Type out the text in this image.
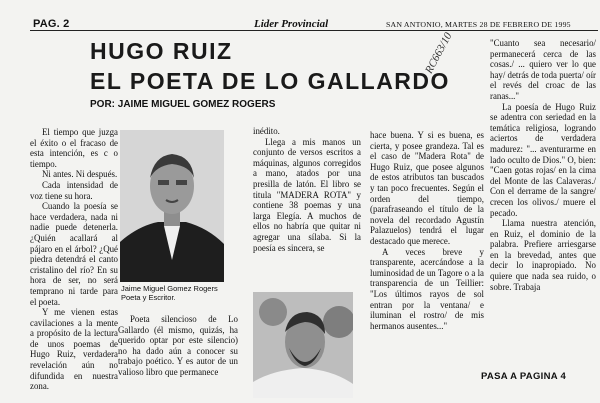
PAG. 2	Lider Provincial	SAN ANTONIO, MARTES 28 DE FEBRERO DE 1995
HUGO RUIZ
EL POETA DE LO GALLARDO
POR: JAIME MIGUEL GOMEZ ROGERS
RC663/10

El tiempo que juzga el éxito o el fracaso de esta intención, es c o tiempo.

Ni antes. Ni después.

Cada intensidad de voz tiene su hora.

Cuando la poesía se hace verdadera, nada ni nadie puede detenerla. ¿Quién acallará al pájaro en el árbol? ¿Qué piedra detendrá el canto cristalino del río? En su hora de ser, no será temprano ni tarde para el poeta.

Y me vienen estas cavilaciones a la mente a propósito de la lectura de unos poemas de Hugo Ruiz, verdadera revelación aún no difundida en nuestra zona.

Jaime Miguel Gomez Rogers
Poeta y Escritor.

Poeta silencioso de Lo Gallardo (él mismo, quizás, ha querido optar por este silencio) no ha dado aún a conocer su trabajo poético. Y es autor de un valioso libro que permanece

inédito.

Llega a mis manos un conjunto de versos escritos a máquinas, algunos corregidos a mano, atados por una presilla de latón. El libro se titula "MADERA ROTA" y contiene 38 poemas y una larga Elegía. A muchos de ellos no habría que quitar ni agregar una sílaba. Si la poesía es sincera, se

hace buena. Y si es buena, es cierta, y posee grandeza. Tal es el caso de "Madera Rota" de Hugo Ruiz, que posee algunos de estos atributos tan buscados y tan poco frecuentes. Según el orden del tiempo, (parafraseando el título de la novela del recordado Agustín Palazuelos) tendrá el lugar destacado que merece.

A veces breve y transparente, acercándose a la luminosidad de un Tagore o a la transparencia de un Teillier: "Los últimos rayos de sol entran por la ventana/ e iluminan el rostro/ de mis hermanos ausentes..."

"Cuanto sea necesario/ permanecerá cerca de las cosas./ ... quiero ver lo que hay/ detrás de toda puerta/ oír el revés del croac de las ranas..."

La poesía de Hugo Ruiz se adentra con seriedad en la temática religiosa, logrando aciertos de verdadera madurez: "... aventurarme en lado oculto de Dios." O, bien: "Caen gotas rojas/ en la cima del Monte de las Calaveras./ Con el derrame de la sangre/ crecen los olivos./ muere el pecado.

Llama nuestra atención, en Ruiz, el dominio de la palabra. Prefiere arriesgarse en la brevedad, antes que decir lo inapropiado. No quiere que nada sea ruido, o sobre. Trabaja

PASA A PAGINA 4
